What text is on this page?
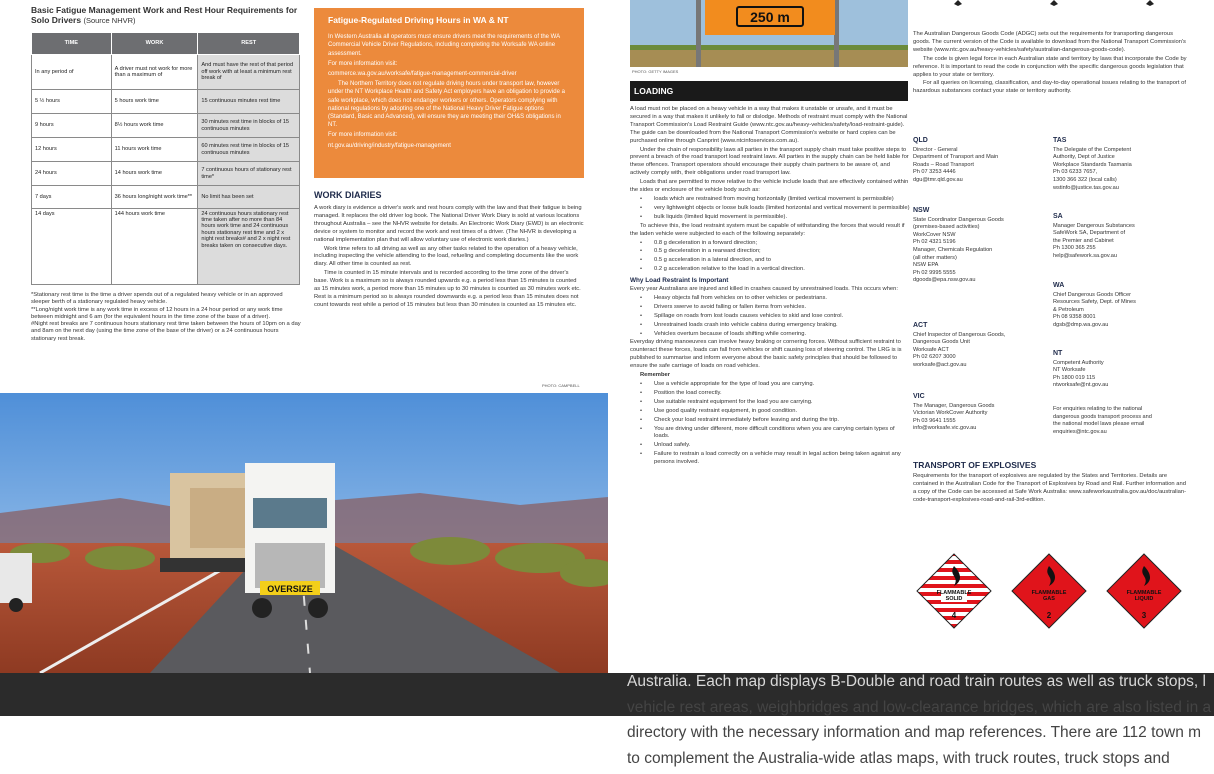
Basic Fatigue Management Work and Rest Hour Requirements for Solo Drivers (Source NHVR)
TIME	WORK	REST
In any period of	A driver must not work for more than a maximum of	And must have the rest of that period off work with at least a minimum rest break of
5 ½ hours	5 hours work time	15 continuous minutes rest time
9 hours	8½ hours work time	30 minutes rest time in blocks of 15 continuous minutes
12 hours	11 hours work time	60 minutes rest time in blocks of 15 continuous minutes
24 hours	14 hours work time	7 continuous hours of stationary rest time*
7 days	36 hours long/night work time**	No limit has been set
14 days	144 hours work time	24 continuous hours stationary rest time taken after no more than 84 hours work time and 24 continuous hours stationary rest time and 2 x night rest breaks# and 2 x night rest breaks taken on consecutive days.

*Stationary rest time is the time a driver spends out of a regulated heavy vehicle or in an approved sleeper berth of a stationary regulated heavy vehicle.

**Long/night work time is any work time in excess of 12 hours in a 24 hour period or any work time between midnight and 6 am (for the equivalent hours in the time zone of the base of a driver).

#Night rest breaks are 7 continuous hours stationary rest time taken between the hours of 10pm on a day and 8am on the next day (using the time zone of the base of the driver) or a 24 continuous hours stationary rest break.

Fatigue-Regulated Driving Hours in WA & NT

In Western Australia all operators must ensure drivers meet the requirements of the WA Commercial Vehicle Driver Regulations, including completing the Worksafe WA online assessment.

For more information visit:

commerce.wa.gov.au/worksafe/fatigue-management-commercial-driver

The Northern Territory does not regulate driving hours under transport law, however under the NT Workplace Health and Safety Act employers have an obligation to provide a safe workplace, which does not endanger workers or others. Operators complying with national regulations by adopting one of the National Heavy Driver Fatigue options (Standard, Basic and Advanced), will ensure they are meeting their OH&S obligations in NT.

For more information visit:

nt.gov.au/driving/industry/fatigue-management

WORK DIARIES

A work diary is evidence a driver's work and rest hours comply with the law and that their fatigue is being managed. It replaces the old driver log book. The National Driver Work Diary is sold at various locations throughout Australia – see the NHVR website for details. An Electronic Work Diary (EWD) is an electronic device or system to monitor and record the work and rest times of a driver. (The NHVR is developing a national implementation plan that will allow voluntary use of electronic work diaries.)

Work time refers to all driving as well as any other tasks related to the operation of a heavy vehicle, including inspecting the vehicle attending to the load, refueling and completing documents like the work diary. All other time is counted as rest.

Time is counted in 15 minute intervals and is recorded according to the time zone of the driver's base. Work is a maximum so is always rounded upwards e.g. a period less than 15 minutes is counted as 15 minutes work, a period more than 15 minutes up to 30 minutes is counted as 30 minutes work etc. Rest is a minimum period so is always rounded downwards e.g. a period less than 15 minutes does not count towards rest while a period of 15 minutes but less than 30 minutes is counted as 15 minutes etc.

PHOTO: CAMPBELL
OVERSIZE
250 m
PHOTO: GETTY IMAGES
LOADING

A load must not be placed on a heavy vehicle in a way that makes it unstable or unsafe, and it must be secured in a way that makes it unlikely to fall or dislodge. Methods of restraint must comply with the National Transport Commission's Load Restraint Guide (www.ntc.gov.au/heavy-vehicles/safety/load-restraint-guide). The guide can be downloaded from the National Transport Commission's website or hard copies can be purchased online through Canprint (www.ntcinfoservices.com.au).

Under the chain of responsibility laws all parties in the transport supply chain must take positive steps to prevent a breach of the road transport load restraint laws. All parties in the supply chain can be held liable for these offences. Transport operators should encourage their supply chain partners to be aware of, and actively comply with, their obligations under road transport law.

Loads that are permitted to move relative to the vehicle include loads that are effectively contained within the sides or enclosure of the vehicle body such as:

• loads which are restrained from moving horizontally (limited vertical movement is permissible)
• very lightweight objects or loose bulk loads (limited horizontal and vertical movement is permissible)
• bulk liquids (limited liquid movement is permissible).

To achieve this, the load restraint system must be capable of withstanding the forces that would result if the laden vehicle were subjected to each of the following separately:

• 0.8 g deceleration in a forward direction;
• 0.5 g deceleration in a rearward direction;
• 0.5 g acceleration in a lateral direction, and to
• 0.2 g acceleration relative to the load in a vertical direction.

Why Load Restraint Is Important

Every year Australians are injured and killed in crashes caused by unrestrained loads. This occurs when:

• Heavy objects fall from vehicles on to other vehicles or pedestrians.
• Drivers swerve to avoid falling or fallen items from vehicles.
• Spillage on roads from lost loads causes vehicles to skid and lose control.
• Unrestrained loads crash into vehicle cabins during emergency braking.
• Vehicles overturn because of loads shifting while cornering.

Everyday driving manoeuvres can involve heavy braking or cornering forces. Without sufficient restraint to counteract these forces, loads can fall from vehicles or shift causing loss of steering control. The LRG is is published to summarise and inform everyone about the basic safety principles that should be followed to ensure the safe carriage of loads on road vehicles.

Remember

• Use a vehicle appropriate for the type of load you are carrying.
• Position the load correctly.
• Use suitable restraint equipment for the load you are carrying.
• Use good quality restraint equipment, in good condition.
• Check your load restraint immediately before leaving and during the trip.
• You are driving under different, more difficult conditions when you are carrying certain types of loads.
• Unload safely.
• Failure to restrain a load correctly on a vehicle may result in legal action being taken against any persons involved.

The Australian Dangerous Goods Code (ADGC) sets out the requirements for transporting dangerous goods. The current version of the Code is available to download from the National Transport Commission's website (www.ntc.gov.au/heavy-vehicles/safety/australian-dangerous-goods-code).

The code is given legal force in each Australian state and territory by laws that incorporate the Code by reference. It is important to read the code in conjunction with the specific dangerous goods legislation that applies to your state or territory.

For all queries on licensing, classification, and day-to-day operational issues relating to the transport of hazardous substances contact your state or territory authority.

QLD
Director - General
Department of Transport and Main
Roads – Road Transport
Ph 07 3253 4446
dgu@tmr.qld.gov.au
TAS
The Delegate of the Competent
Authority, Dept of Justice
Workplace Standards Tasmania
Ph 03 6233 7657,
1300 366 322 (local calls)
wstinfo@justice.tas.gov.au
NSW
State Coordinator Dangerous Goods
(premises-based activities)
WorkCover NSW
Ph 02 4321 5196
Manager, Chemicals Regulation
(all other matters)
NSW EPA
Ph 02 9995 5555
dgoods@epa.nsw.gov.au
SA
Manager Dangerous Substances
SafeWork SA, Department of
the Premier and Cabinet
Ph 1300 365 255
help@safework.sa.gov.au
WA
Chief Dangerous Goods Officer
Resources Safety, Dept. of Mines
& Petroleum
Ph 08 9358 8001
dgsb@dmp.wa.gov.au
ACT
Chief Inspector of Dangerous Goods,
Dangerous Goods Unit
Worksafe ACT
Ph 02 6207 3000
worksafe@act.gov.au
NT
Competent Authority
NT Worksafe
Ph 1800 019 115
ntworksafe@nt.gov.au
VIC
The Manager, Dangerous Goods
Victorian WorkCover Authority
Ph 03 9641 1555
info@worksafe.vic.gov.au
For enquiries relating to the national
dangerous goods transport process and
the national model laws please email
enquiries@ntc.gov.au
TRANSPORT OF EXPLOSIVES
Requirements for the transport of explosives are regulated by the States and Territories. Details are contained in the Australian Code for the Transport of Explosives by Road and Rail. Further information and a copy of the Code can be accessed at Safe Work Australia: www.safeworkaustralia.gov.au/doc/australian-code-transport-explosives-road-and-rail-3rd-edition.
FLAMMABLE
SOLID
4
FLAMMABLE
GAS
2
FLAMMABLE
LIQUID
3
Australia. Each map displays B-Double and road train routes as well as truck stops, l
vehicle rest areas, weighbridges and low-clearance bridges, which are also listed in a
directory with the necessary information and map references. There are 112 town m
to complement the Australia-wide atlas maps, with truck routes, truck stops and
